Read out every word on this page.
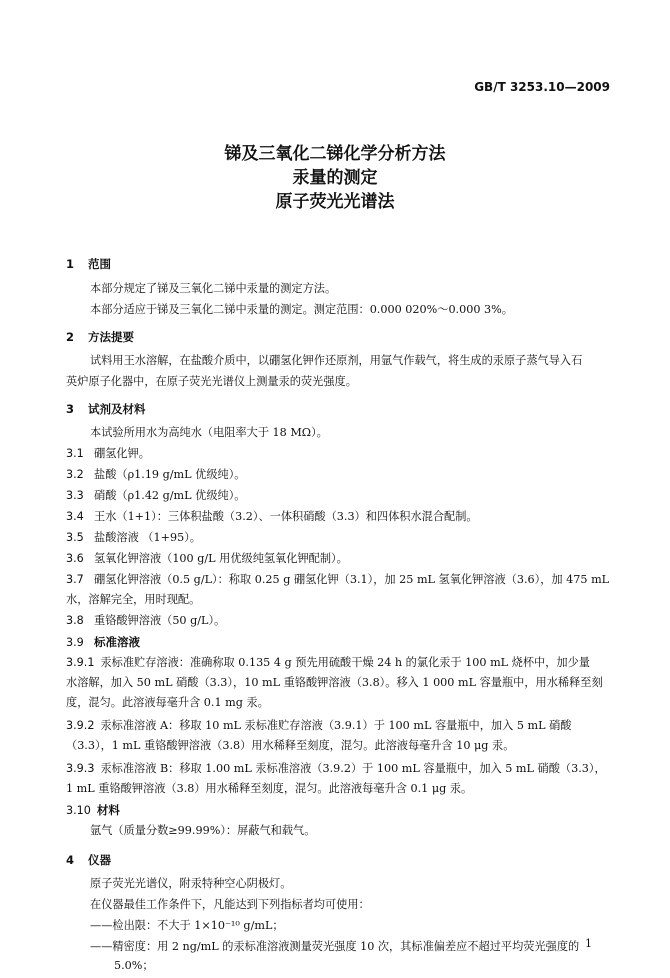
GB/T 3253.10—2009
锑及三氧化二锑化学分析方法
汞量的测定
原子荧光光谱法
1 范围
本部分规定了锑及三氧化二锑中汞量的测定方法。
本部分适应于锑及三氧化二锑中汞量的测定。测定范围：0.000 020%～0.000 3%。
2 方法提要
试料用王水溶解，在盐酸介质中，以硼氢化钾作还原剂，用氩气作载气，将生成的汞原子蒸气导入石
英炉原子化器中，在原子荧光光谱仪上测量汞的荧光强度。
3 试剂及材料
本试验所用水为高纯水（电阻率大于 18 MΩ）。
3.1 硼氢化钾。
3.2 盐酸（ρ1.19 g/mL 优级纯）。
3.3 硝酸（ρ1.42 g/mL 优级纯）。
3.4 王水（1+1）：三体积盐酸（3.2）、一体积硝酸（3.3）和四体积水混合配制。
3.5 盐酸溶液 （1+95）。
3.6 氢氧化钾溶液（100 g/L 用优级纯氢氧化钾配制）。
3.7 硼氢化钾溶液（0.5 g/L）：称取 0.25 g 硼氢化钾（3.1），加 25 mL 氢氧化钾溶液（3.6），加 475 mL
水，溶解完全，用时现配。
3.8 重铬酸钾溶液（50 g/L）。
3.9 标准溶液
3.9.1 汞标准贮存溶液：准确称取 0.135 4 g 预先用硫酸干燥 24 h 的氯化汞于 100 mL 烧杯中，加少量
水溶解，加入 50 mL 硝酸（3.3），10 mL 重铬酸钾溶液（3.8）。移入 1 000 mL 容量瓶中，用水稀释至刻
度，混匀。此溶液每毫升含 0.1 mg 汞。
3.9.2 汞标准溶液 A：移取 10 mL 汞标准贮存溶液（3.9.1）于 100 mL 容量瓶中，加入 5 mL 硝酸
（3.3），1 mL 重铬酸钾溶液（3.8）用水稀释至刻度，混匀。此溶液每毫升含 10 μg 汞。
3.9.3 汞标准溶液 B：移取 1.00 mL 汞标准溶液（3.9.2）于 100 mL 容量瓶中，加入 5 mL 硝酸（3.3），
1 mL 重铬酸钾溶液（3.8）用水稀释至刻度，混匀。此溶液每毫升含 0.1 μg 汞。
3.10 材料
氩气（质量分数≥99.99%）：屏蔽气和载气。
4 仪器
原子荧光光谱仪，附汞特种空心阴极灯。
在仪器最佳工作条件下，凡能达到下列指标者均可使用：
——检出限：不大于 1×10⁻¹⁰ g/mL；
——精密度：用 2 ng/mL 的汞标准溶液测量荧光强度 10 次，其标准偏差应不超过平均荧光强度的
5.0%；
1
